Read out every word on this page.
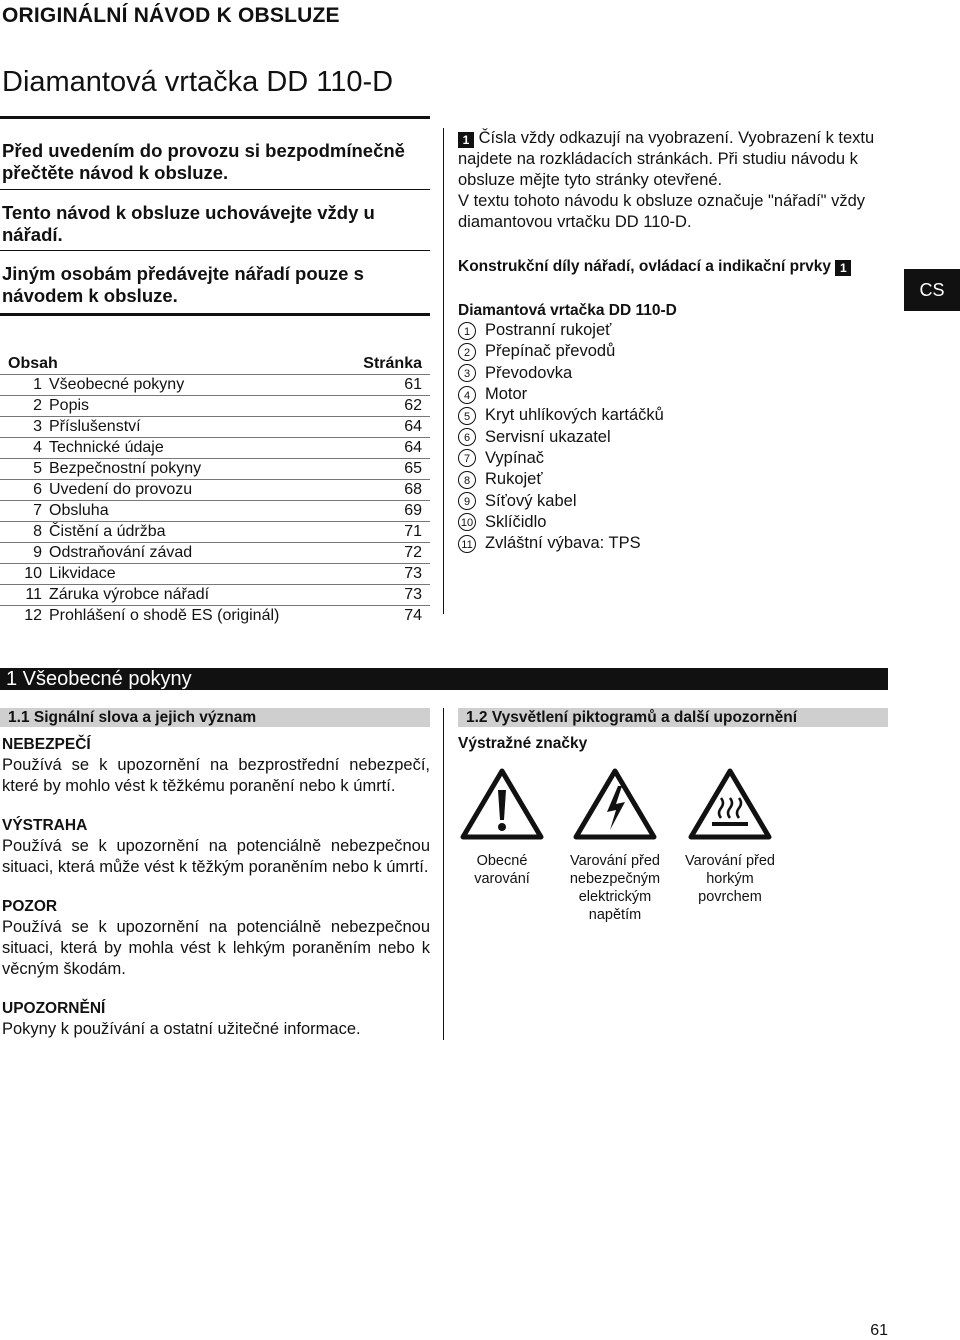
ORIGINÁLNÍ NÁVOD K OBSLUZE
Diamantová vrtačka DD 110-D
Před uvedením do provozu si bezpodmínečně přečtěte návod k obsluze.
Tento návod k obsluze uchovávejte vždy u nářadí.
Jiným osobám předávejte nářadí pouze s návodem k obsluze.
Obsah	Stránka
1 Všeobecné pokyny	61
2 Popis	62
3 Příslušenství	64
4 Technické údaje	64
5 Bezpečnostní pokyny	65
6 Uvedení do provozu	68
7 Obsluha	69
8 Čistění a údržba	71
9 Odstraňování závad	72
10 Likvidace	73
11 Záruka výrobce nářadí	73
12 Prohlášení o shodě ES (originál)	74
1 Čísla vždy odkazují na vyobrazení. Vyobrazení k textu najdete na rozkládacích stránkách. Při studiu návodu k obsluze mějte tyto stránky otevřené.
V textu tohoto návodu k obsluze označuje "nářadí" vždy diamantovou vrtačku DD 110-D.
Konstrukční díly nářadí, ovládací a indikační prvky 1
Diamantová vrtačka DD 110-D
1 Postranní rukojeť
2 Přepínač převodů
3 Převodovka
4 Motor
5 Kryt uhlíkových kartáčků
6 Servisní ukazatel
7 Vypínač
8 Rukojeť
9 Síťový kabel
10 Sklíčidlo
11 Zvláštní výbava: TPS
CS
1 Všeobecné pokyny
1.1 Signální slova a jejich význam	1.2 Vysvětlení piktogramů a další upozornění
NEBEZPEČÍ
Používá se k upozornění na bezprostřední nebezpečí, které by mohlo vést k těžkému poranění nebo k úmrtí.
VÝSTRAHA
Používá se k upozornění na potenciálně nebezpečnou situaci, která může vést k těžkým poraněním nebo k úmrtí.
POZOR
Používá se k upozornění na potenciálně nebezpečnou situaci, která by mohla vést k lehkým poraněním nebo k věcným škodám.
UPOZORNĚNÍ
Pokyny k používání a ostatní užitečné informace.
Výstražné značky
Obecné varování
Varování před nebezpečným elektrickým napětím
Varování před horkým povrchem
61
